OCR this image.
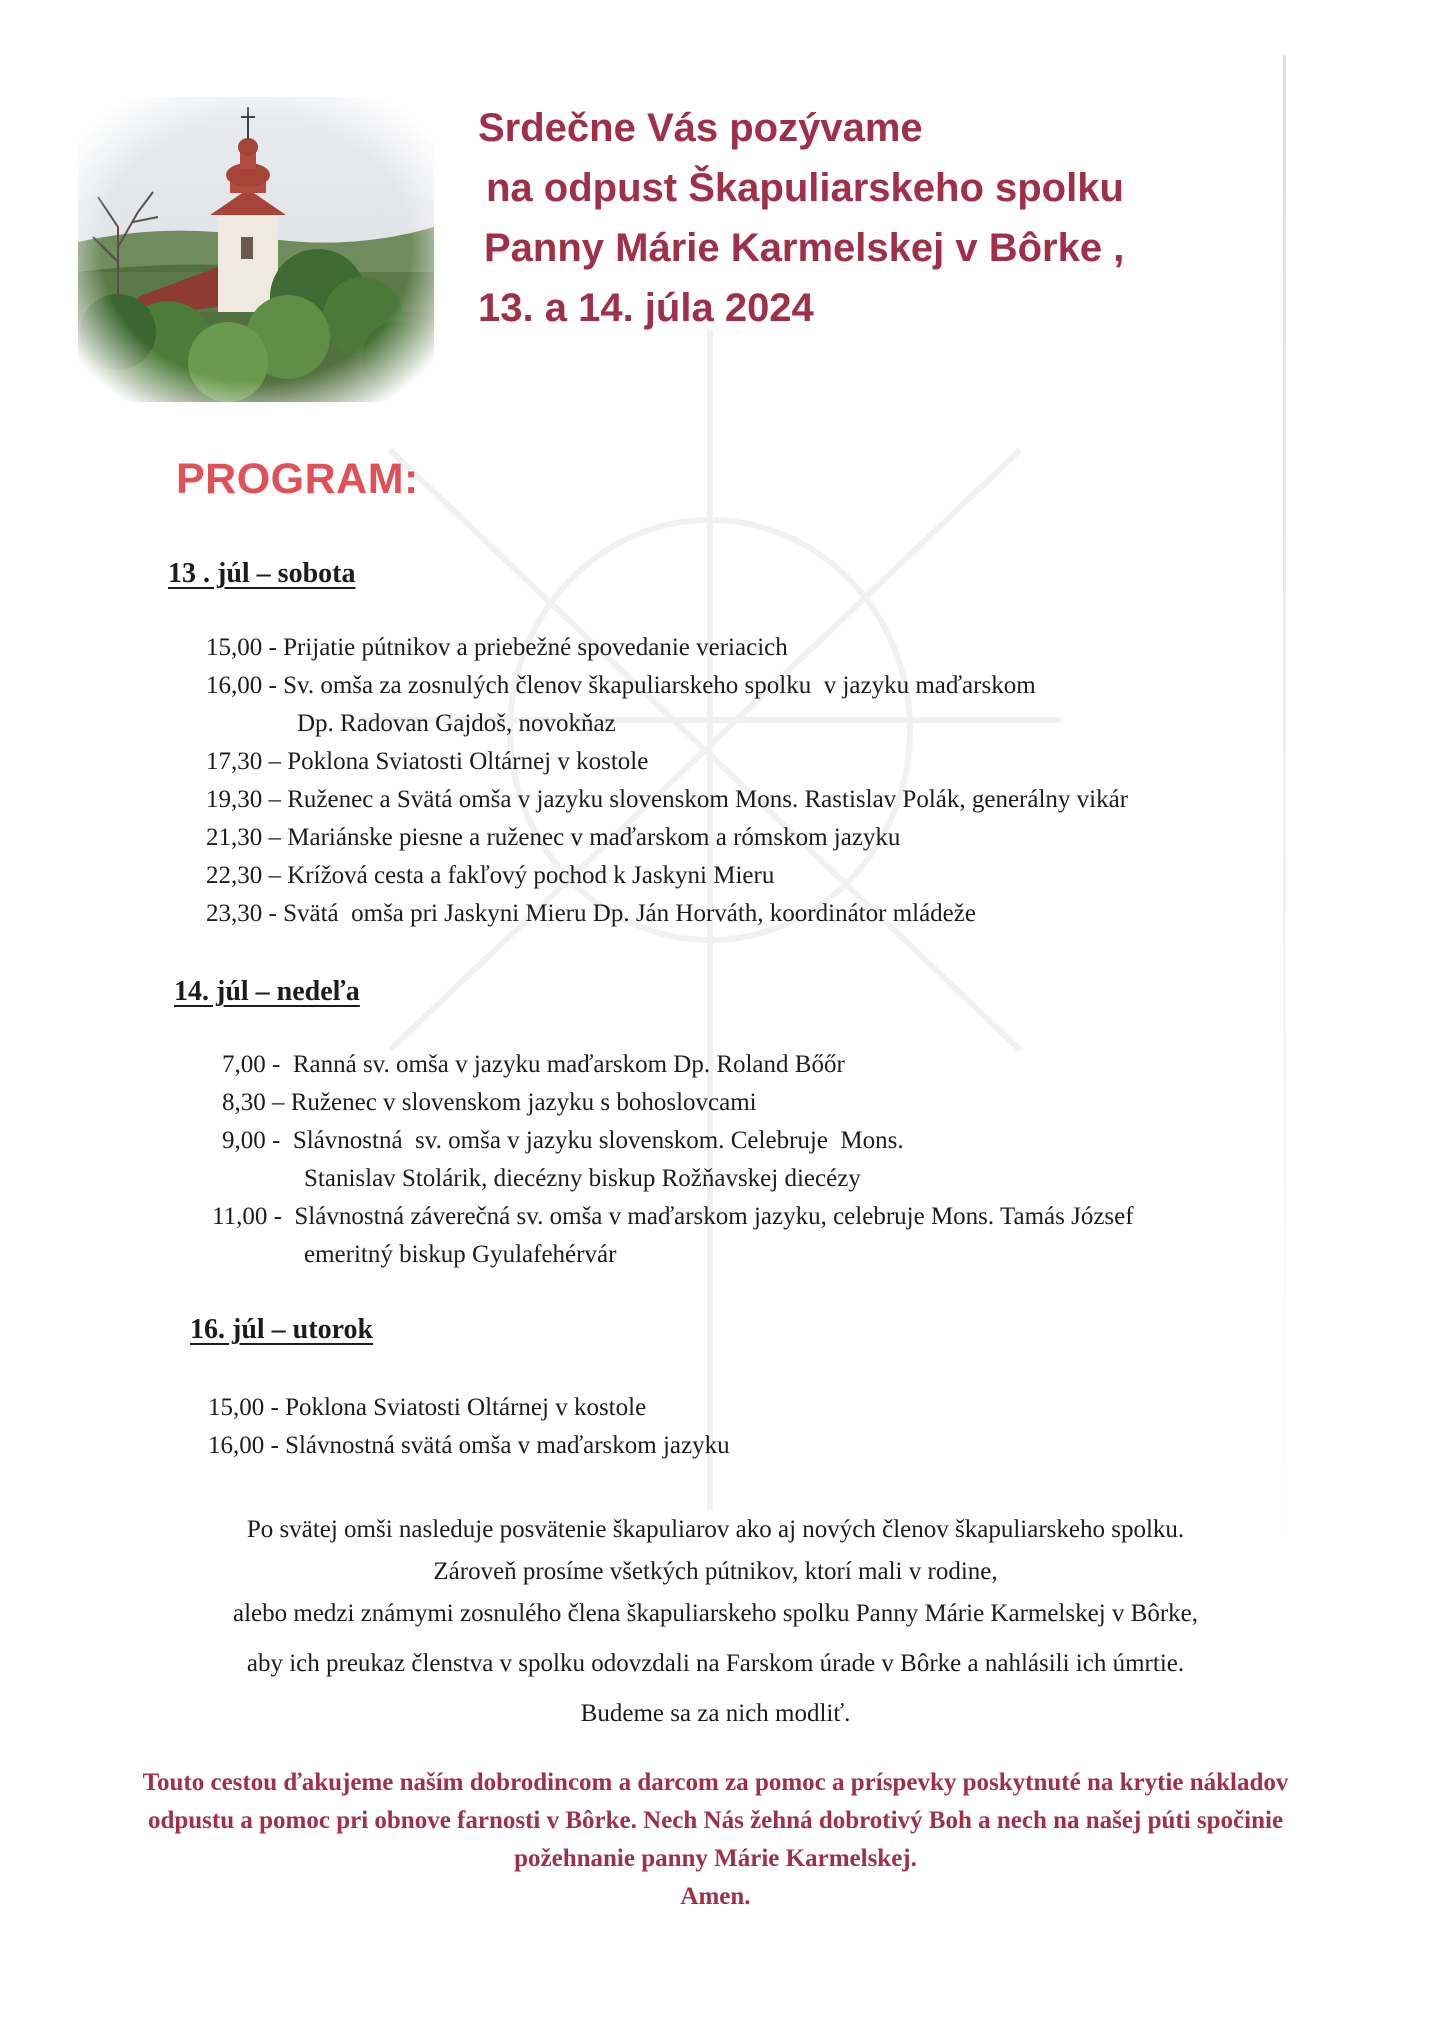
Srdečne Vás pozývame
na odpust Škapuliarskeho spolku
Panny Márie Karmelskej v Bôrke ,
13. a 14. júla 2024
PROGRAM:
13 . júl – sobota
15,00 - Prijatie pútnikov a priebežné spovedanie veriacich
16,00 - Sv. omša za zosnulých členov škapuliarskeho spolku  v jazyku maďarskom
Dp. Radovan Gajdoš, novokňaz
17,30 – Poklona Sviatosti Oltárnej v kostole
19,30 – Ruženec a Svätá omša v jazyku slovenskom Mons. Rastislav Polák, generálny vikár
21,30 – Mariánske piesne a ruženec v maďarskom a rómskom jazyku
22,30 – Krížová cesta a fakľový pochod k Jaskyni Mieru
23,30 - Svätá  omša pri Jaskyni Mieru Dp. Ján Horváth, koordinátor mládeže
14. júl – nedeľa
7,00 - Ranná sv. omša v jazyku maďarskom Dp. Roland Bőőr
8,30 – Ruženec v slovenskom jazyku s bohoslovcami
9,00 - Slávnostná  sv. omša v jazyku slovenskom. Celebruje  Mons.
Stanislav Stolárik, diecézny biskup Rožňavskej diecézy
11,00 - Slávnostná záverečná sv. omša v maďarskom jazyku, celebruje Mons. Tamás József
emeritný biskup Gyulafehérvár
16. júl – utorok
15,00 - Poklona Sviatosti Oltárnej v kostole
16,00 - Slávnostná svätá omša v maďarskom jazyku
Po svätej omši nasleduje posvätenie škapuliarov ako aj nových členov škapuliarskeho spolku.
Zároveň prosíme všetkých pútnikov, ktorí mali v rodine,
alebo medzi známymi zosnulého člena škapuliarskeho spolku Panny Márie Karmelskej v Bôrke,
aby ich preukaz členstva v spolku odovzdali na Farskom úrade v Bôrke a nahlásili ich úmrtie.
Budeme sa za nich modliť.
Touto cestou ďakujeme naším dobrodincom a darcom za pomoc a príspevky poskytnuté na krytie nákladov
odpustu a pomoc pri obnove farnosti v Bôrke. Nech Nás žehná dobrotivý Boh a nech na našej púti spočinie
požehnanie panny Márie Karmelskej.
Amen.
